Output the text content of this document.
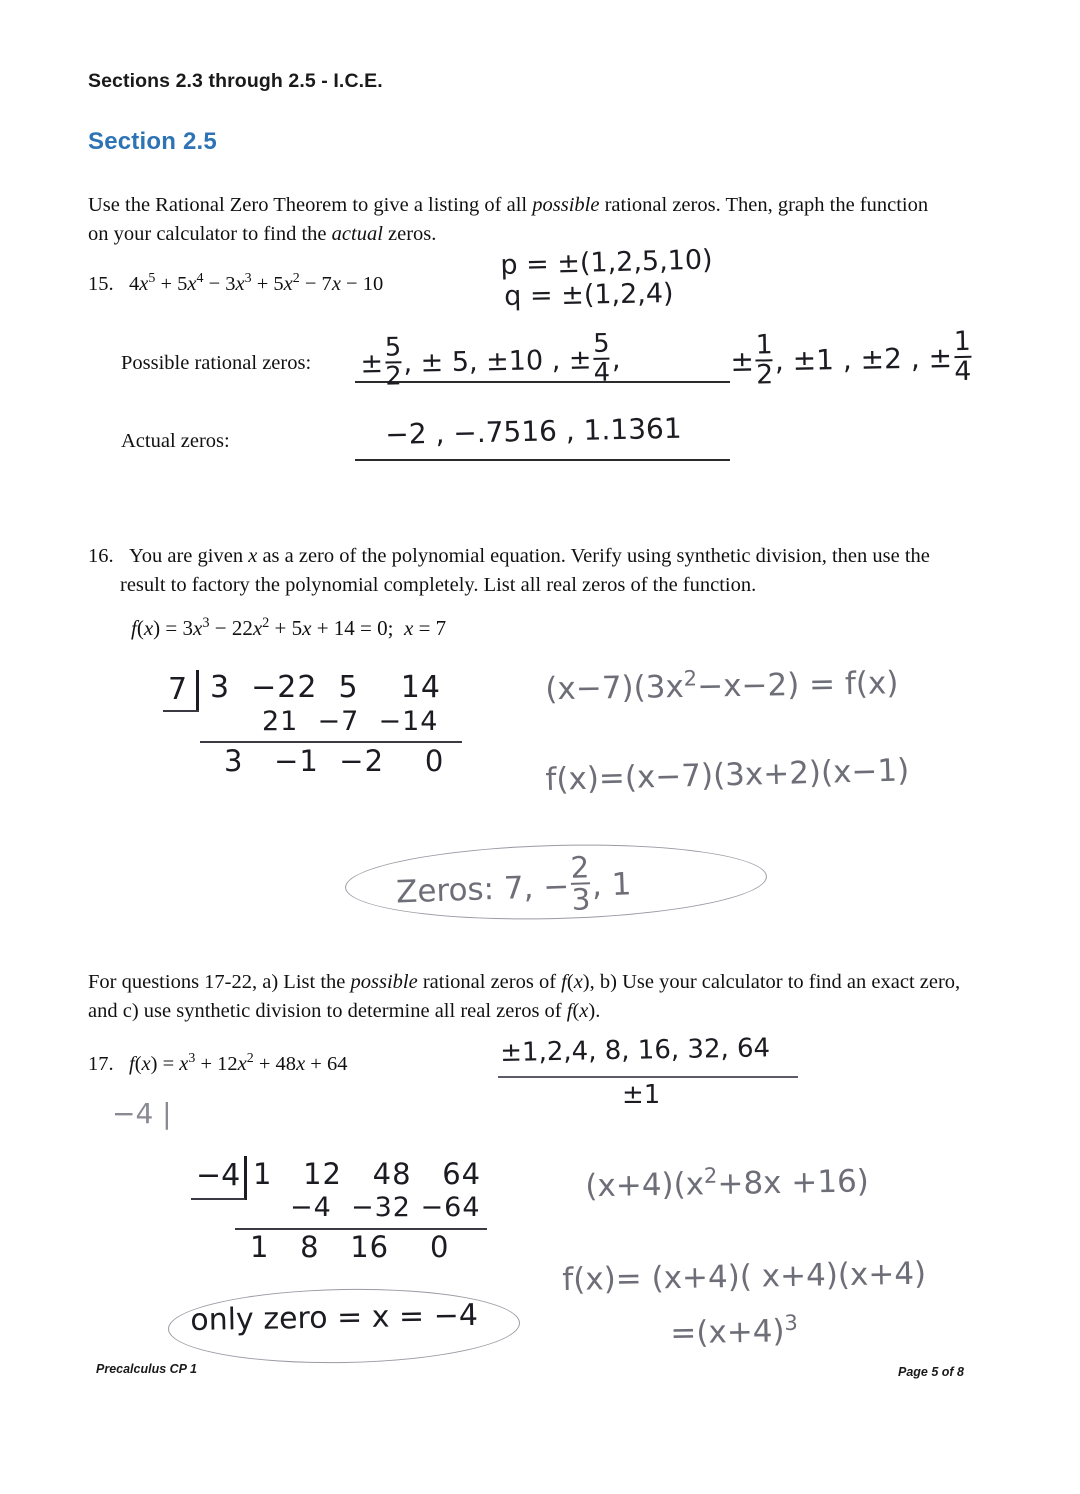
Sections 2.3 through 2.5 - I.C.E.
Section 2.5
Use the Rational Zero Theorem to give a listing of all possible rational zeros. Then, graph the function on your calculator to find the actual zeros.
15.   $4x^5 + 5x^4 - 3x^3 + 5x^2 - 7x - 10$
Possible rational zeros:
Actual zeros:
16.   You are given x as a zero of the polynomial equation. Verify using synthetic division, then use the result to factory the polynomial completely. List all real zeros of the function.
$f(x) = 3x^3 - 22x^2 + 5x + 14 = 0$;  x = 7
For questions 17-22, a) List the possible rational zeros of f(x), b) Use your calculator to find an exact zero, and c) use synthetic division to determine all real zeros of f(x).
17. $f(x) = x^3 + 12x^2 + 48x + 64$
Precalculus CP 1	Page 5 of 8
p = ±(1,2,5,10)
q = ±(1,2,4)
± $\frac{5}{2}$ , ± 5, ±10 , ± $\frac{5}{4}$ ,	± $\frac{1}{2}$ , ±1 , ±2 , ± $\frac{1}{4}$
−2 , −.7516 , 1.1361
7 3  −22  5    14
21  −7  −14
3   −1  −2    0
$(x-7)(3x^2-x-2) = f(x)$
f(x)=(x−7)(3x+2)(x−1)
Zeros: 7, − $\frac{2}{3}$ , 1
±1,2,4, 8, 16, 32, 64
±1
−4 |
−4 1   12   48   64
−4  −32 −64
1   8   16    0
$(x+4)(x^2+8x +16)$
f(x)= (x+4)( x+4)(x+4)
$=(x+4)^3$
only zero = x = −4
